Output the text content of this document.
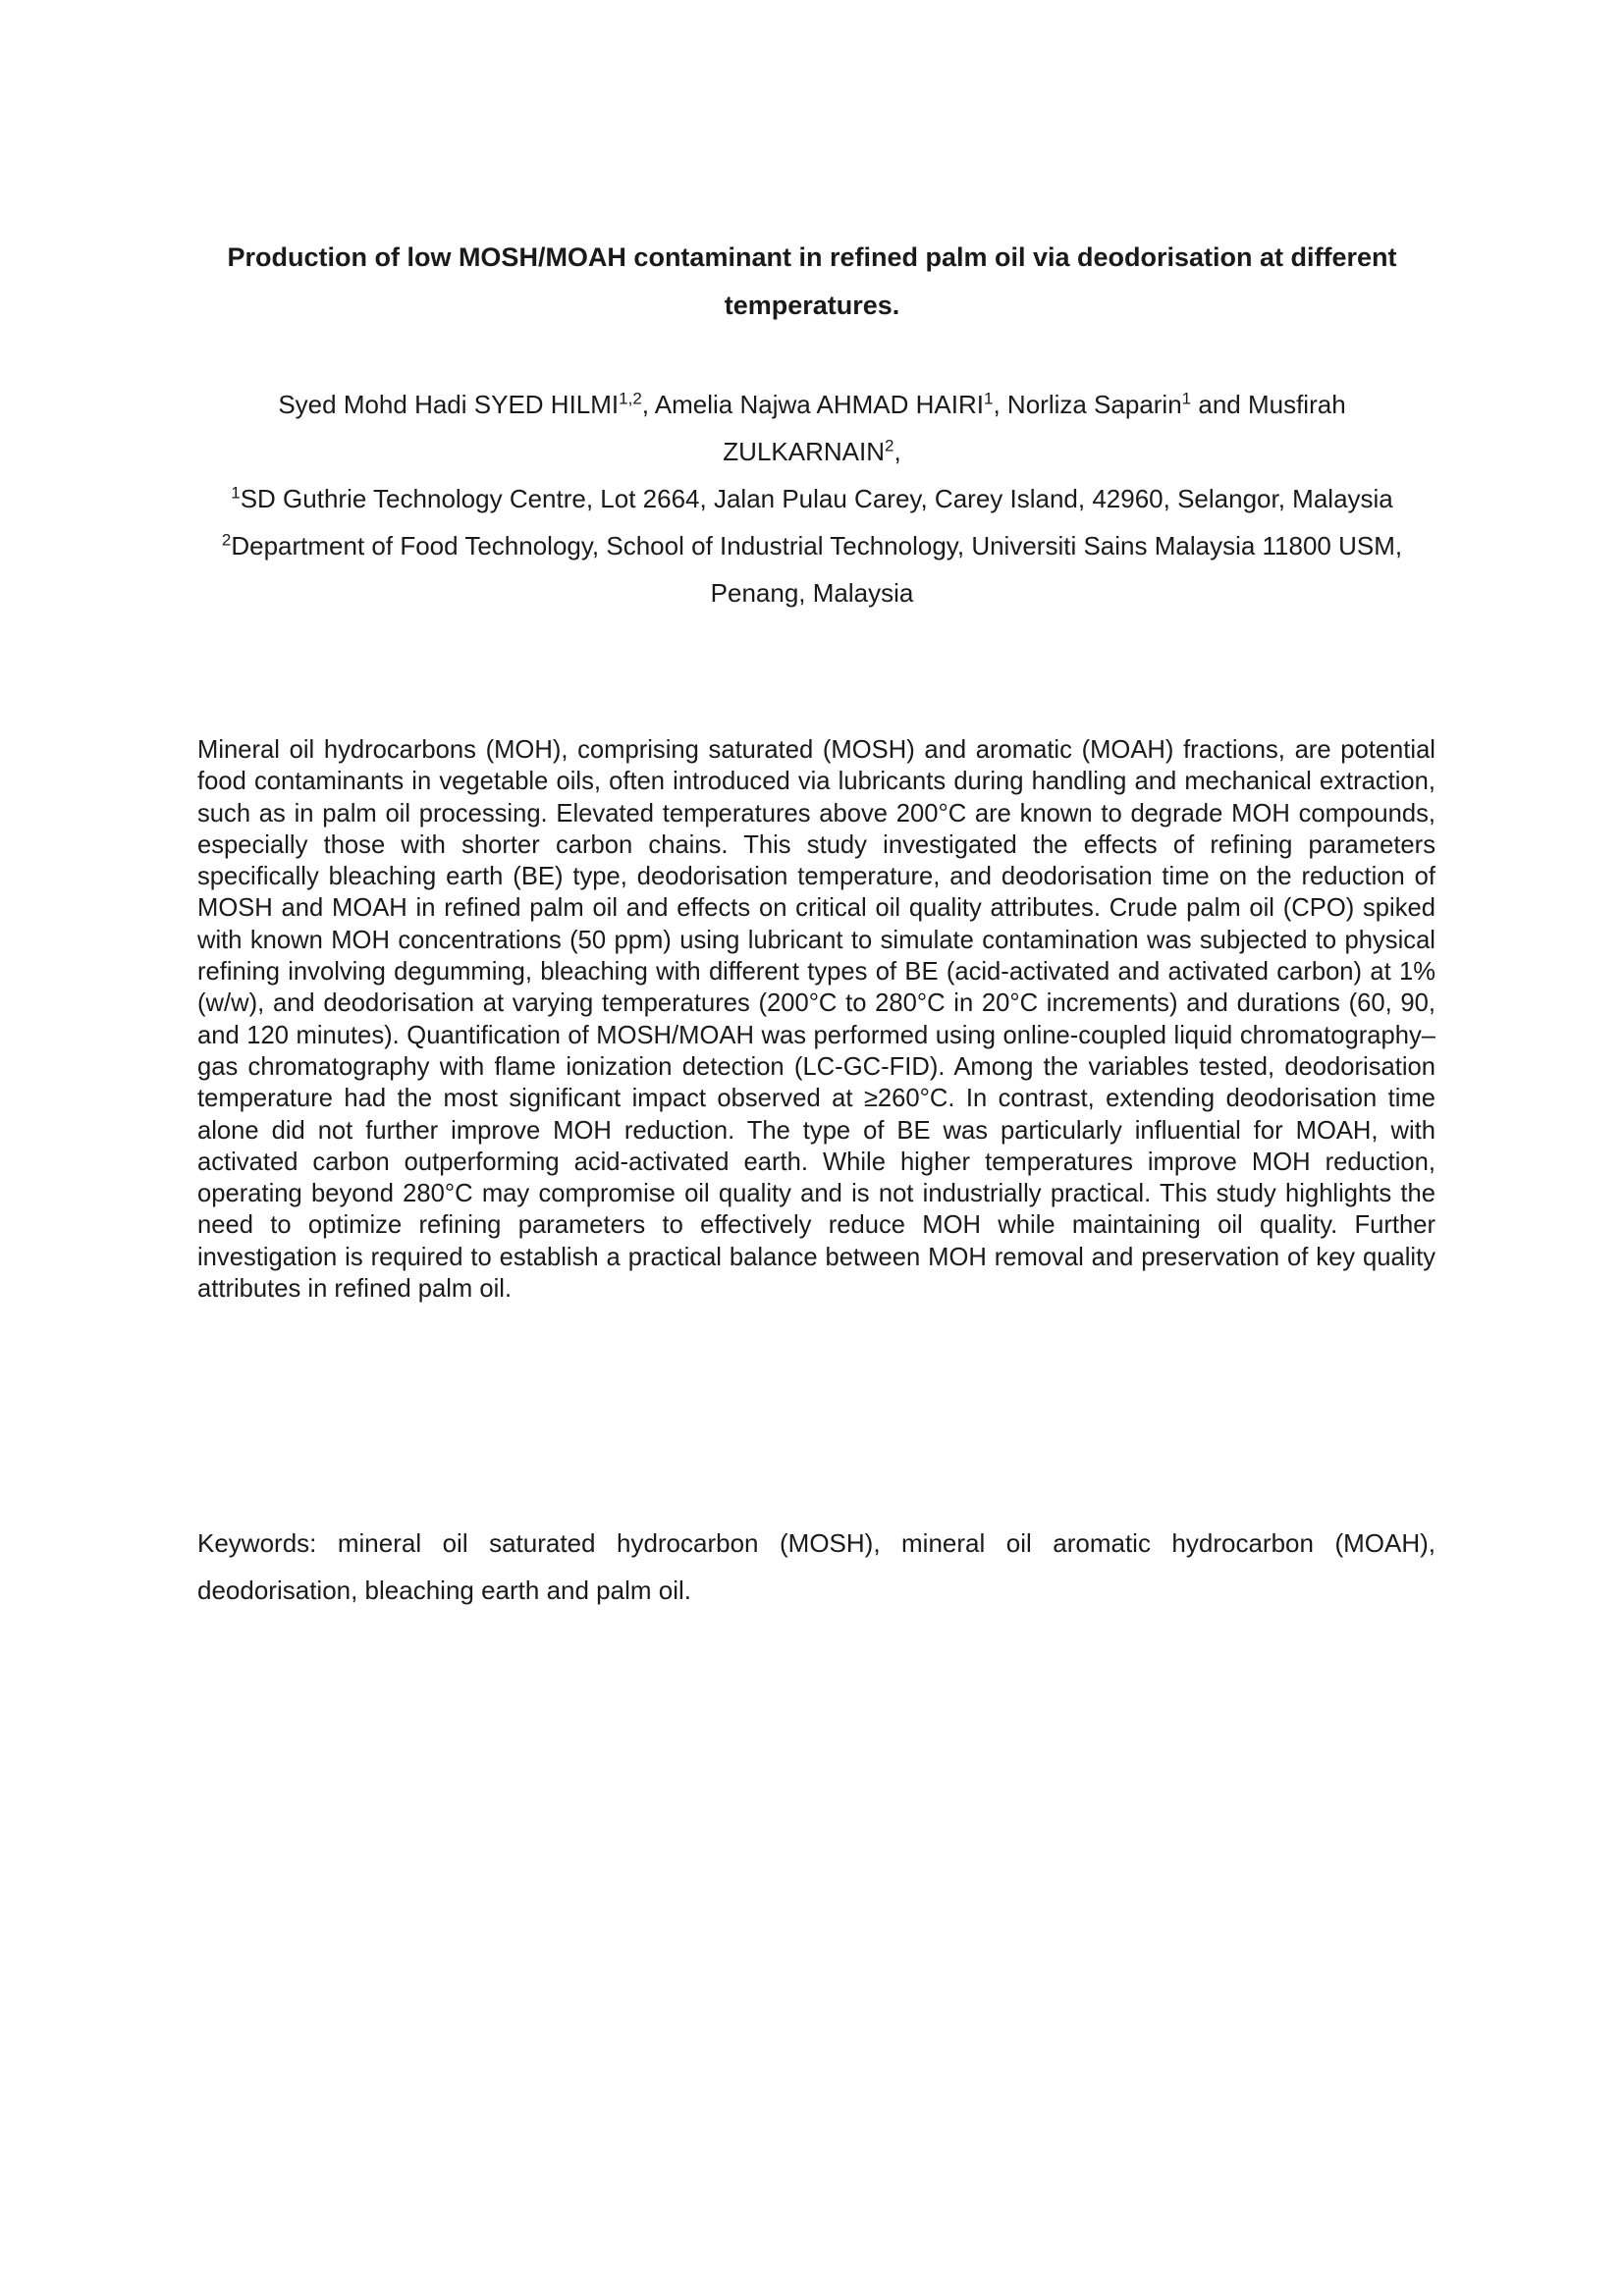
Production of low MOSH/MOAH contaminant in refined palm oil via deodorisation at different temperatures.
Syed Mohd Hadi SYED HILMI$^{1,2}$, Amelia Najwa AHMAD HAIRI$^1$, Norliza Saparin$^1$ and Musfirah ZULKARNAIN$^2$,
$^1$SD Guthrie Technology Centre, Lot 2664, Jalan Pulau Carey, Carey Island, 42960, Selangor, Malaysia
$^2$Department of Food Technology, School of Industrial Technology, Universiti Sains Malaysia 11800 USM, Penang, Malaysia

Mineral oil hydrocarbons (MOH), comprising saturated (MOSH) and aromatic (MOAH) fractions, are potential food contaminants in vegetable oils, often introduced via lubricants during handling and mechanical extraction, such as in palm oil processing. Elevated temperatures above 200°C are known to degrade MOH compounds, especially those with shorter carbon chains. This study investigated the effects of refining parameters specifically bleaching earth (BE) type, deodorisation temperature, and deodorisation time on the reduction of MOSH and MOAH in refined palm oil and effects on critical oil quality attributes. Crude palm oil (CPO) spiked with known MOH concentrations (50 ppm) using lubricant to simulate contamination was subjected to physical refining involving degumming, bleaching with different types of BE (acid-activated and activated carbon) at 1% (w/w), and deodorisation at varying temperatures (200°C to 280°C in 20°C increments) and durations (60, 90, and 120 minutes). Quantification of MOSH/MOAH was performed using online-coupled liquid chromatography–gas chromatography with flame ionization detection (LC-GC-FID). Among the variables tested, deodorisation temperature had the most significant impact observed at ≥260°C. In contrast, extending deodorisation time alone did not further improve MOH reduction. The type of BE was particularly influential for MOAH, with activated carbon outperforming acid-activated earth. While higher temperatures improve MOH reduction, operating beyond 280°C may compromise oil quality and is not industrially practical. This study highlights the need to optimize refining parameters to effectively reduce MOH while maintaining oil quality. Further investigation is required to establish a practical balance between MOH removal and preservation of key quality attributes in refined palm oil.

Keywords: mineral oil saturated hydrocarbon (MOSH), mineral oil aromatic hydrocarbon (MOAH), deodorisation, bleaching earth and palm oil.
